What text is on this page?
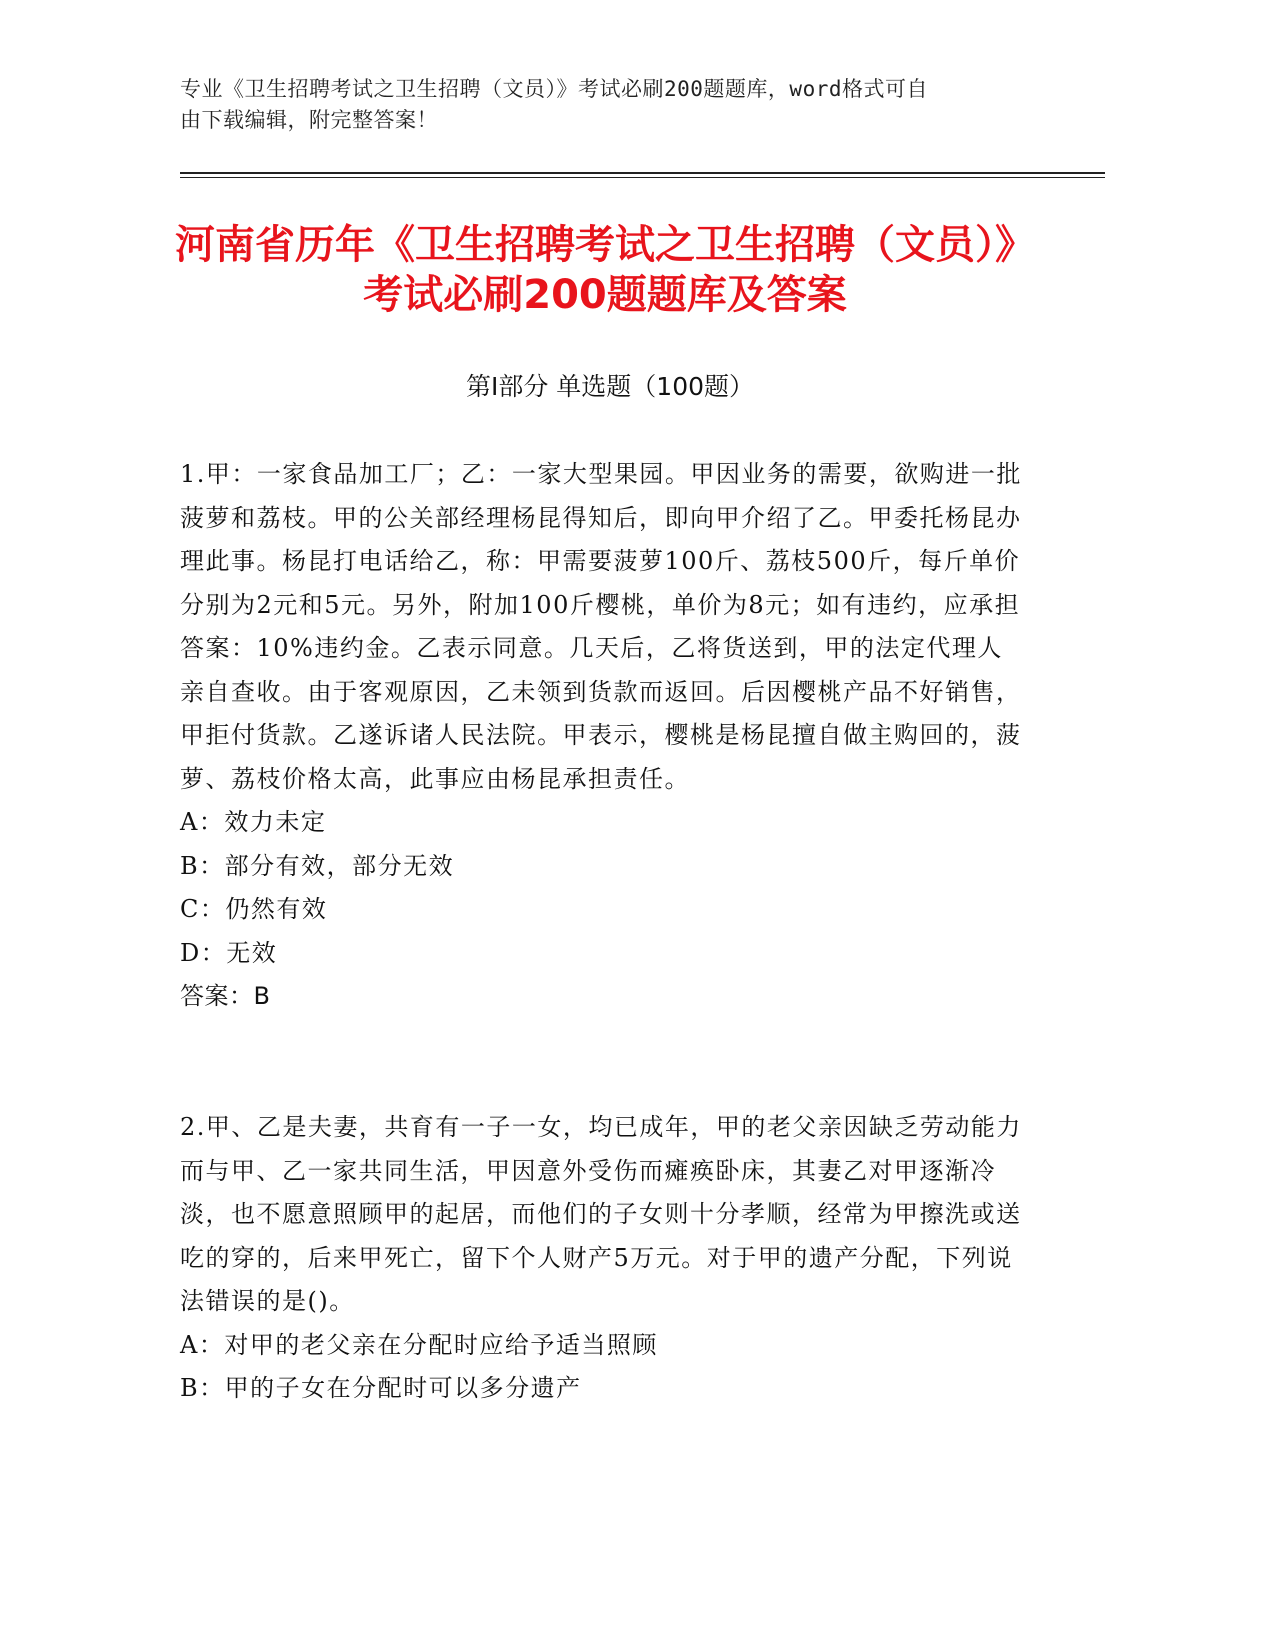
专业《卫生招聘考试之卫生招聘（文员）》考试必刷200题题库，word格式可自
由下载编辑，附完整答案！
河南省历年《卫生招聘考试之卫生招聘（文员）》考试必刷200题题库及答案
第Ⅰ部分 单选题（100题）

1.甲：一家食品加工厂；乙：一家大型果园。甲因业务的需要，欲购进一批菠萝和荔枝。甲的公关部经理杨昆得知后，即向甲介绍了乙。甲委托杨昆办理此事。杨昆打电话给乙，称：甲需要菠萝100斤、荔枝500斤，每斤单价分别为2元和5元。另外，附加100斤樱桃，单价为8元；如有违约，应承担答案：10%违约金。乙表示同意。几天后，乙将货送到，甲的法定代理人亲自查收。由于客观原因，乙未领到货款而返回。后因樱桃产品不好销售，甲拒付货款。乙遂诉诸人民法院。甲表示，樱桃是杨昆擅自做主购回的，菠萝、荔枝价格太高，此事应由杨昆承担责任。

A：效力未定

B：部分有效，部分无效

C：仍然有效

D：无效

答案：B

2.甲、乙是夫妻，共育有一子一女，均已成年，甲的老父亲因缺乏劳动能力而与甲、乙一家共同生活，甲因意外受伤而瘫痪卧床，其妻乙对甲逐渐冷淡，也不愿意照顾甲的起居，而他们的子女则十分孝顺，经常为甲擦洗或送吃的穿的，后来甲死亡，留下个人财产5万元。对于甲的遗产分配，下列说法错误的是()。

A：对甲的老父亲在分配时应给予适当照顾

B：甲的子女在分配时可以多分遗产
